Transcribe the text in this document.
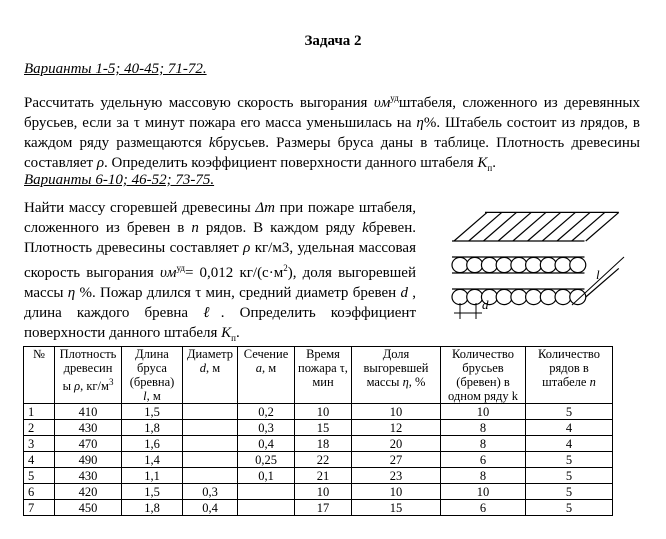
Задача 2
Варианты 1-5; 40-45; 71-72.

Рассчитать удельную массовую скорость выгорания $\upsilon м^{уд}штабеля$, сложенного из деревянных брусьев, если за τ минут пожара его масса уменьшилась на η%. Штабель состоит из nрядов, в каждом ряду размещаются kбрусьев. Размеры бруса даны в таблице. Плотность древесины составляет ρ. Определить коэффициент поверхности данного штабеля $K_п$.

Варианты 6-10; 46-52; 73-75.

Найти массу сгоревшей древесины Δm при пожаре штабеля, сложенного из бревен в n рядов. В каждом ряду kбревен. Плотность древесины составляет ρ кг/м3, удельная массовая скорость выгорания $\upsilon м^{уд}= 0,012$ $кг/(с\cdot м^2)$, доля выгоревшей массы η %. Пожар длился τ мин, средний диаметр бревен d , длина каждого бревна ℓ. Определить коэффициент поверхности данного штабеля $K_п$.

d
l
№	Плотность древесин ы ρ, $кг/м^3$	Длина бруса (бревна) l, м	Диаметр d, м	Сечение a, м	Время пожара τ, мин	Доля выгоревшей массы η, %	Количество брусьев (бревен) в одном ряду k	Количество рядов в штабеле n
1	410	1,5		0,2	10	10	10	5
2	430	1,8		0,3	15	12	8	4
3	470	1,6		0,4	18	20	8	4
4	490	1,4		0,25	22	27	6	5
5	430	1,1		0,1	21	23	8	5
6	420	1,5	0,3		10	10	10	5
7	450	1,8	0,4		17	15	6	5
